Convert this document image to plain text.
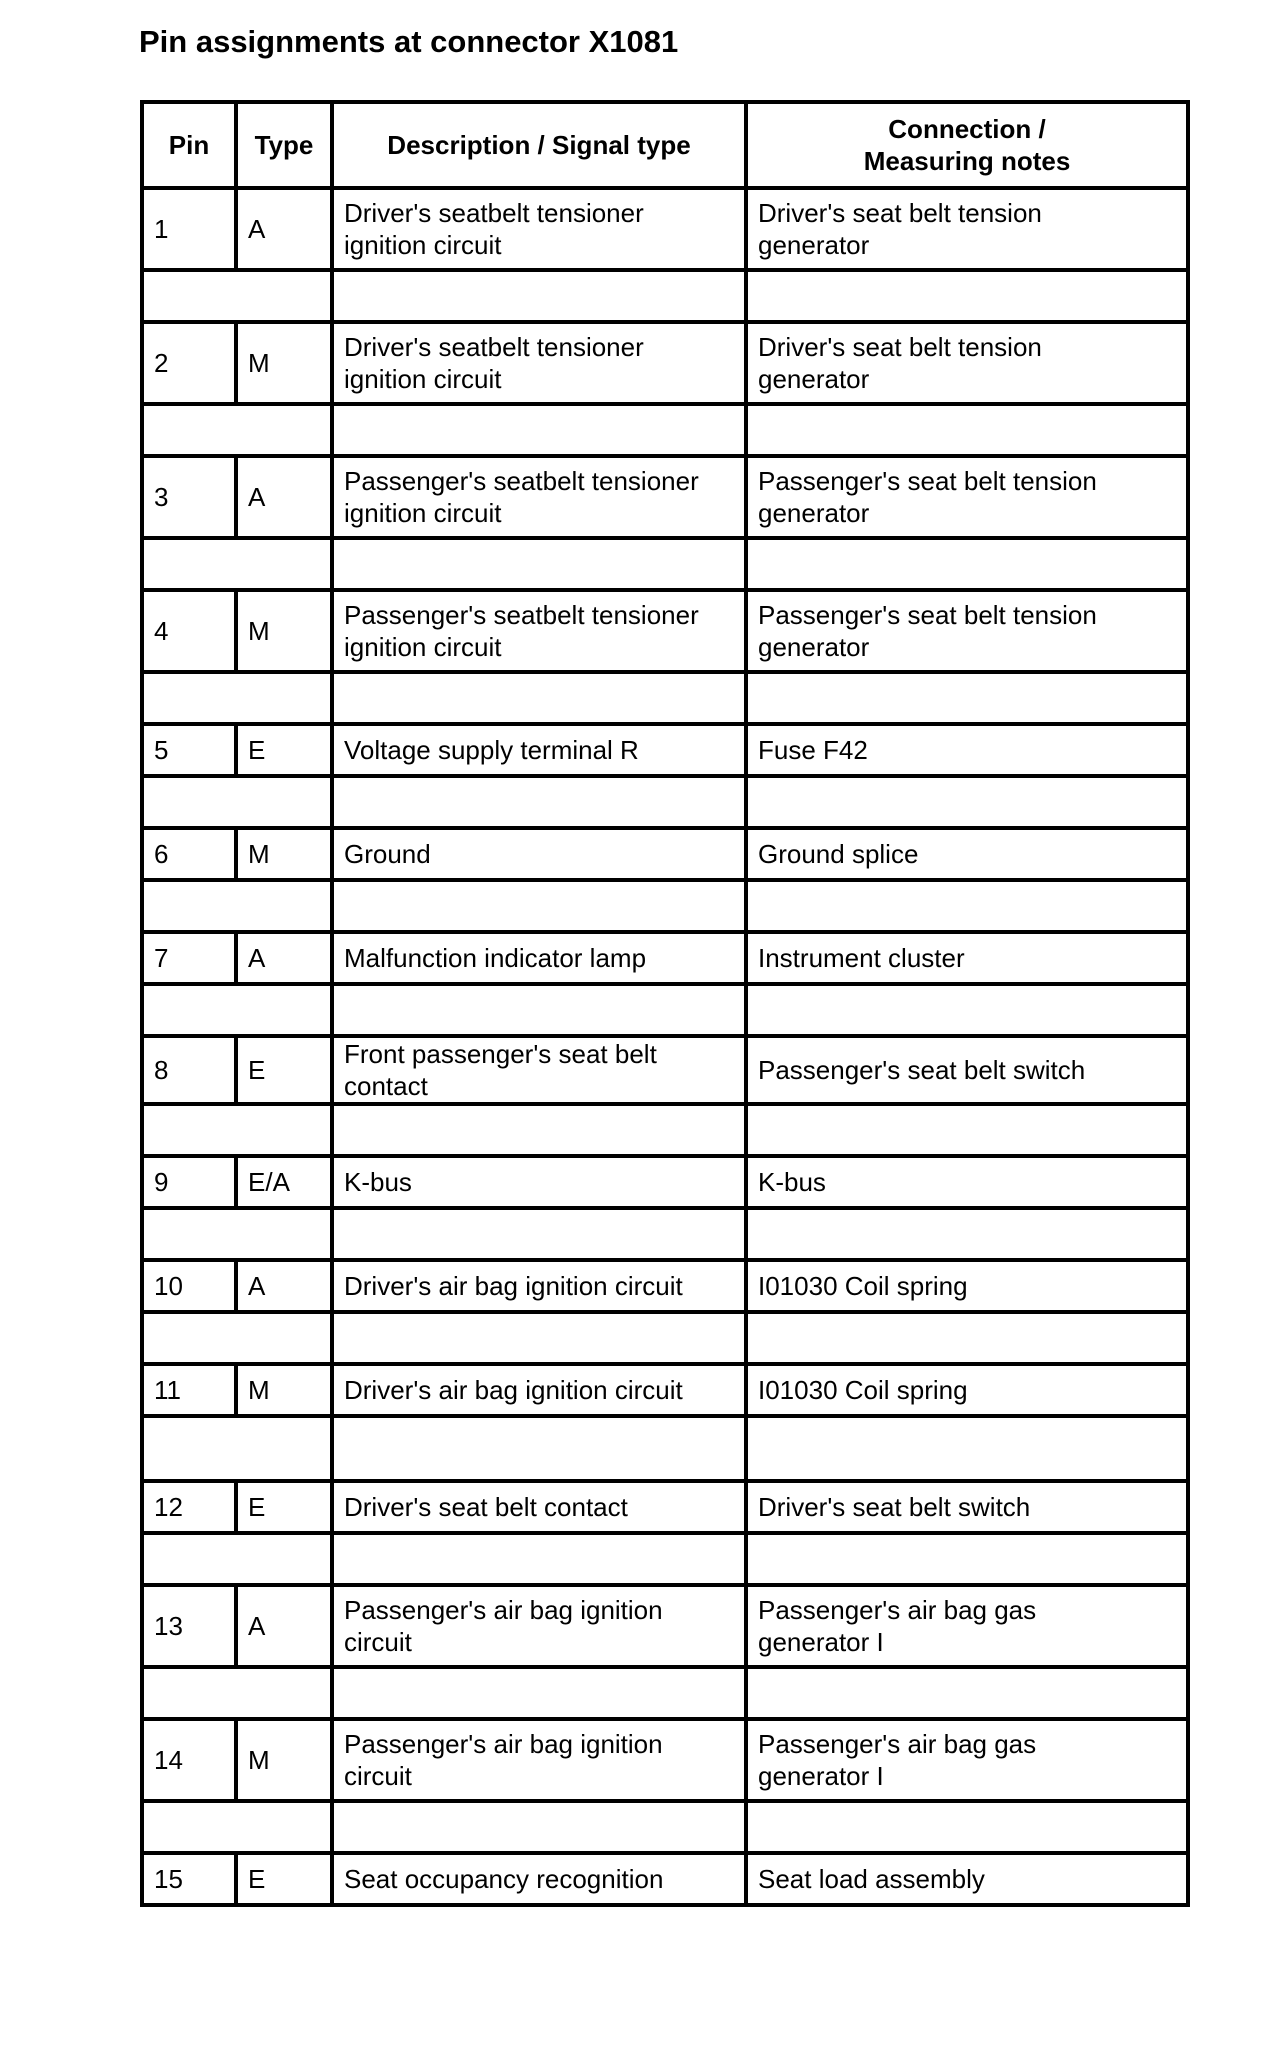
Pin assignments at connector X1081
Pin	Type	Description / Signal type	Connection /
Measuring notes
1	A	Driver's seatbelt tensioner
ignition circuit	Driver's seat belt tension
generator

2	M	Driver's seatbelt tensioner
ignition circuit	Driver's seat belt tension
generator

3	A	Passenger's seatbelt tensioner
ignition circuit	Passenger's seat belt tension
generator

4	M	Passenger's seatbelt tensioner
ignition circuit	Passenger's seat belt tension
generator

5	E	Voltage supply terminal R	Fuse F42

6	M	Ground	Ground splice

7	A	Malfunction indicator lamp	Instrument cluster

8	E	Front passenger's seat belt
contact	Passenger's seat belt switch

9	E/A	K-bus	K-bus

10	A	Driver's air bag ignition circuit	I01030 Coil spring

11	M	Driver's air bag ignition circuit	I01030 Coil spring

12	E	Driver's seat belt contact	Driver's seat belt switch

13	A	Passenger's air bag ignition
circuit	Passenger's air bag gas
generator I

14	M	Passenger's air bag ignition
circuit	Passenger's air bag gas
generator I

15	E	Seat occupancy recognition	Seat load assembly
